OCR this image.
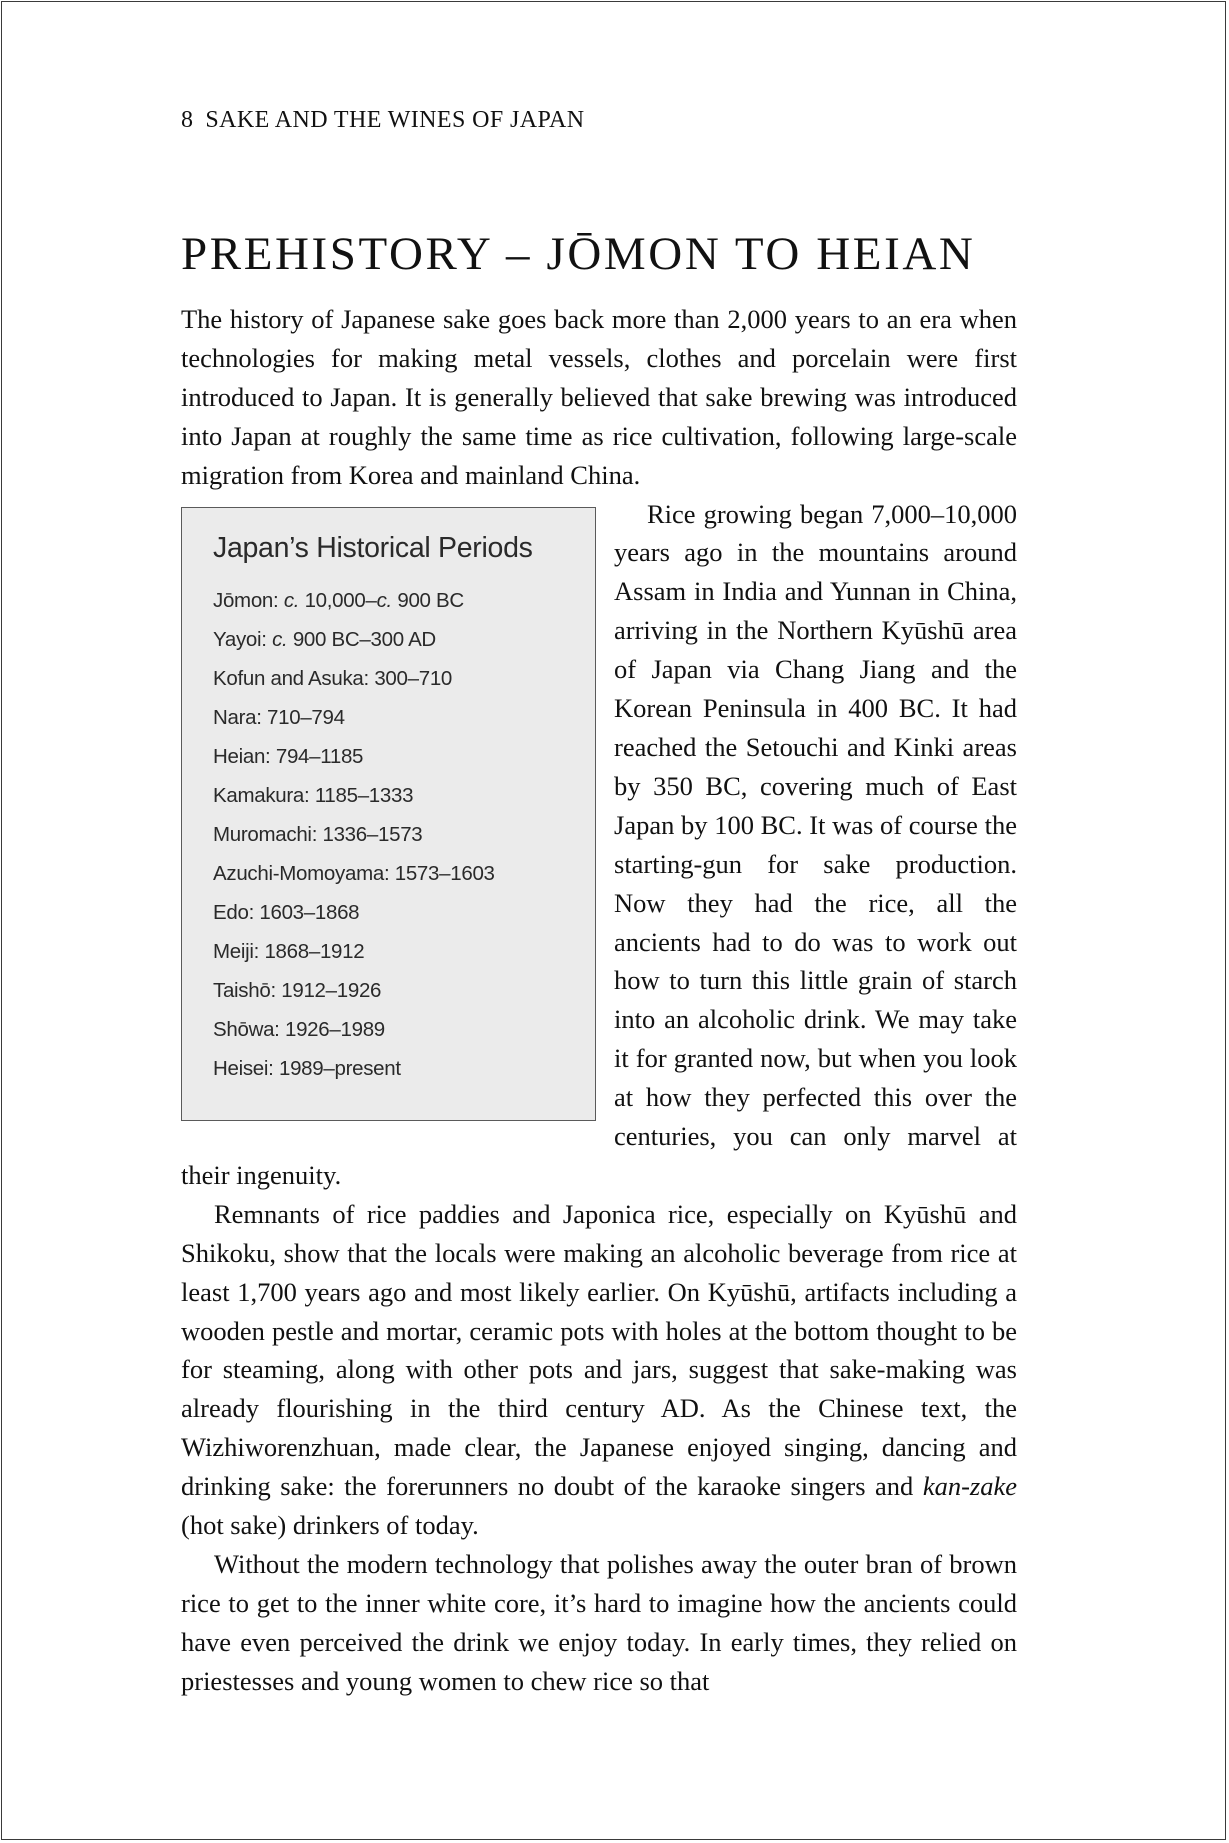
8 SAKE AND THE WINES OF JAPAN
PREHISTORY – JŌMON TO HEIAN

The history of Japanese sake goes back more than 2,000 years to an era when technologies for making metal vessels, clothes and porcelain were first introduced to Japan. It is generally believed that sake brewing was introduced into Japan at roughly the same time as rice cultivation, following large-scale migration from Korea and mainland China.

Japan’s Historical Periods
Jōmon: c. 10,000–c. 900 BC
Yayoi: c. 900 BC–300 AD
Kofun and Asuka: 300–710
Nara: 710–794
Heian: 794–1185
Kamakura: 1185–1333
Muromachi: 1336–1573
Azuchi-Momoyama: 1573–1603
Edo: 1603–1868
Meiji: 1868–1912
Taishō: 1912–1926
Shōwa: 1926–1989
Heisei: 1989–present

Rice growing began 7,000–10,000 years ago in the mountains around Assam in India and Yunnan in China, arriving in the Northern Kyūshū area of Japan via Chang Jiang and the Korean Peninsula in 400 BC. It had reached the Setouchi and Kinki areas by 350 BC, covering much of East Japan by 100 BC. It was of course the starting-gun for sake production. Now they had the rice, all the ancients had to do was to work out how to turn this little grain of starch into an alcoholic drink. We may take it for granted now, but when you look at how they perfected this over the centuries, you can only marvel at their ingenuity.

Remnants of rice paddies and Japonica rice, especially on Kyūshū and Shikoku, show that the locals were making an alcoholic beverage from rice at least 1,700 years ago and most likely earlier. On Kyūshū, artifacts including a wooden pestle and mortar, ceramic pots with holes at the bottom thought to be for steaming, along with other pots and jars, suggest that sake-making was already flourishing in the third century AD. As the Chinese text, the Wizhiworenzhuan, made clear, the Japanese enjoyed singing, dancing and drinking sake: the forerunners no doubt of the karaoke singers and kan-zake (hot sake) drinkers of today.

Without the modern technology that polishes away the outer bran of brown rice to get to the inner white core, it’s hard to imagine how the ancients could have even perceived the drink we enjoy today. In early times, they relied on priestesses and young women to chew rice so that
